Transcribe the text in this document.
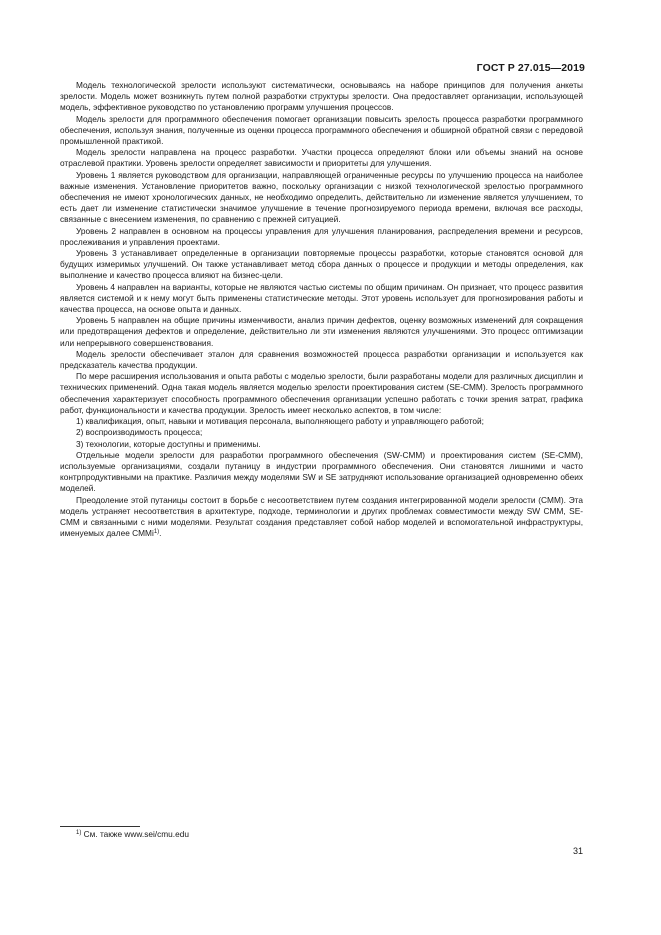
ГОСТ Р 27.015—2019

Модель технологической зрелости используют систематически, основываясь на наборе принципов для получения анкеты зрелости. Модель может возникнуть путем полной разработки структуры зрелости. Она предоставляет организации, использующей модель, эффективное руководство по установлению программ улучшения процессов.

Модель зрелости для программного обеспечения помогает организации повысить зрелость процесса разработки программного обеспечения, используя знания, полученные из оценки процесса программного обеспечения и обширной обратной связи с передовой промышленной практикой.

Модель зрелости направлена на процесс разработки. Участки процесса определяют блоки или объемы знаний на основе отраслевой практики. Уровень зрелости определяет зависимости и приоритеты для улучшения.

Уровень 1 является руководством для организации, направляющей ограниченные ресурсы по улучшению процесса на наиболее важные изменения. Установление приоритетов важно, поскольку организации с низкой технологической зрелостью программного обеспечения не имеют хронологических данных, не необходимо определить, действительно ли изменение является улучшением, то есть дает ли изменение статистически значимое улучшение в течение прогнозируемого периода времени, включая все расходы, связанные с внесением изменения, по сравнению с прежней ситуацией.

Уровень 2 направлен в основном на процессы управления для улучшения планирования, распределения времени и ресурсов, прослеживания и управления проектами.

Уровень 3 устанавливает определенные в организации повторяемые процессы разработки, которые становятся основой для будущих измеримых улучшений. Он также устанавливает метод сбора данных о процессе и продукции и методы определения, как выполнение и качество процесса влияют на бизнес-цели.

Уровень 4 направлен на варианты, которые не являются частью системы по общим причинам. Он признает, что процесс развития является системой и к нему могут быть применены статистические методы. Этот уровень использует для прогнозирования работы и качества процесса, на основе опыта и данных.

Уровень 5 направлен на общие причины изменчивости, анализ причин дефектов, оценку возможных изменений для сокращения или предотвращения дефектов и определение, действительно ли эти изменения являются улучшениями. Это процесс оптимизации или непрерывного совершенствования.

Модель зрелости обеспечивает эталон для сравнения возможностей процесса разработки организации и используется как предсказатель качества продукции.

По мере расширения использования и опыта работы с моделью зрелости, были разработаны модели для различных дисциплин и технических применений. Одна такая модель является моделью зрелости проектирования систем (SE-CMM). Зрелость программного обеспечения характеризует способность программного обеспечения организации успешно работать с точки зрения затрат, графика работ, функциональности и качества продукции. Зрелость имеет несколько аспектов, в том числе:

1) квалификация, опыт, навыки и мотивация персонала, выполняющего работу и управляющего работой;
2) воспроизводимость процесса;
3) технологии, которые доступны и применимы.

Отдельные модели зрелости для разработки программного обеспечения (SW-CMM) и проектирования систем (SE-CMM), используемые организациями, создали путаницу в индустрии программного обеспечения. Они становятся лишними и часто контрпродуктивными на практике. Различия между моделями SW и SE затрудняют использование организацией одновременно обеих моделей.

Преодоление этой путаницы состоит в борьбе с несоответствием путем создания интегрированной модели зрелости (CMM). Эта модель устраняет несоответствия в архитектуре, подходе, терминологии и других проблемах совместимости между SW CMM, SE-CMM и связанными с ними моделями. Результат создания представляет собой набор моделей и вспомогательной инфраструктуры, именуемых далее CMMi$^{1)}$.

$^{1)}$ См. также www.sei/cmu.edu
31
